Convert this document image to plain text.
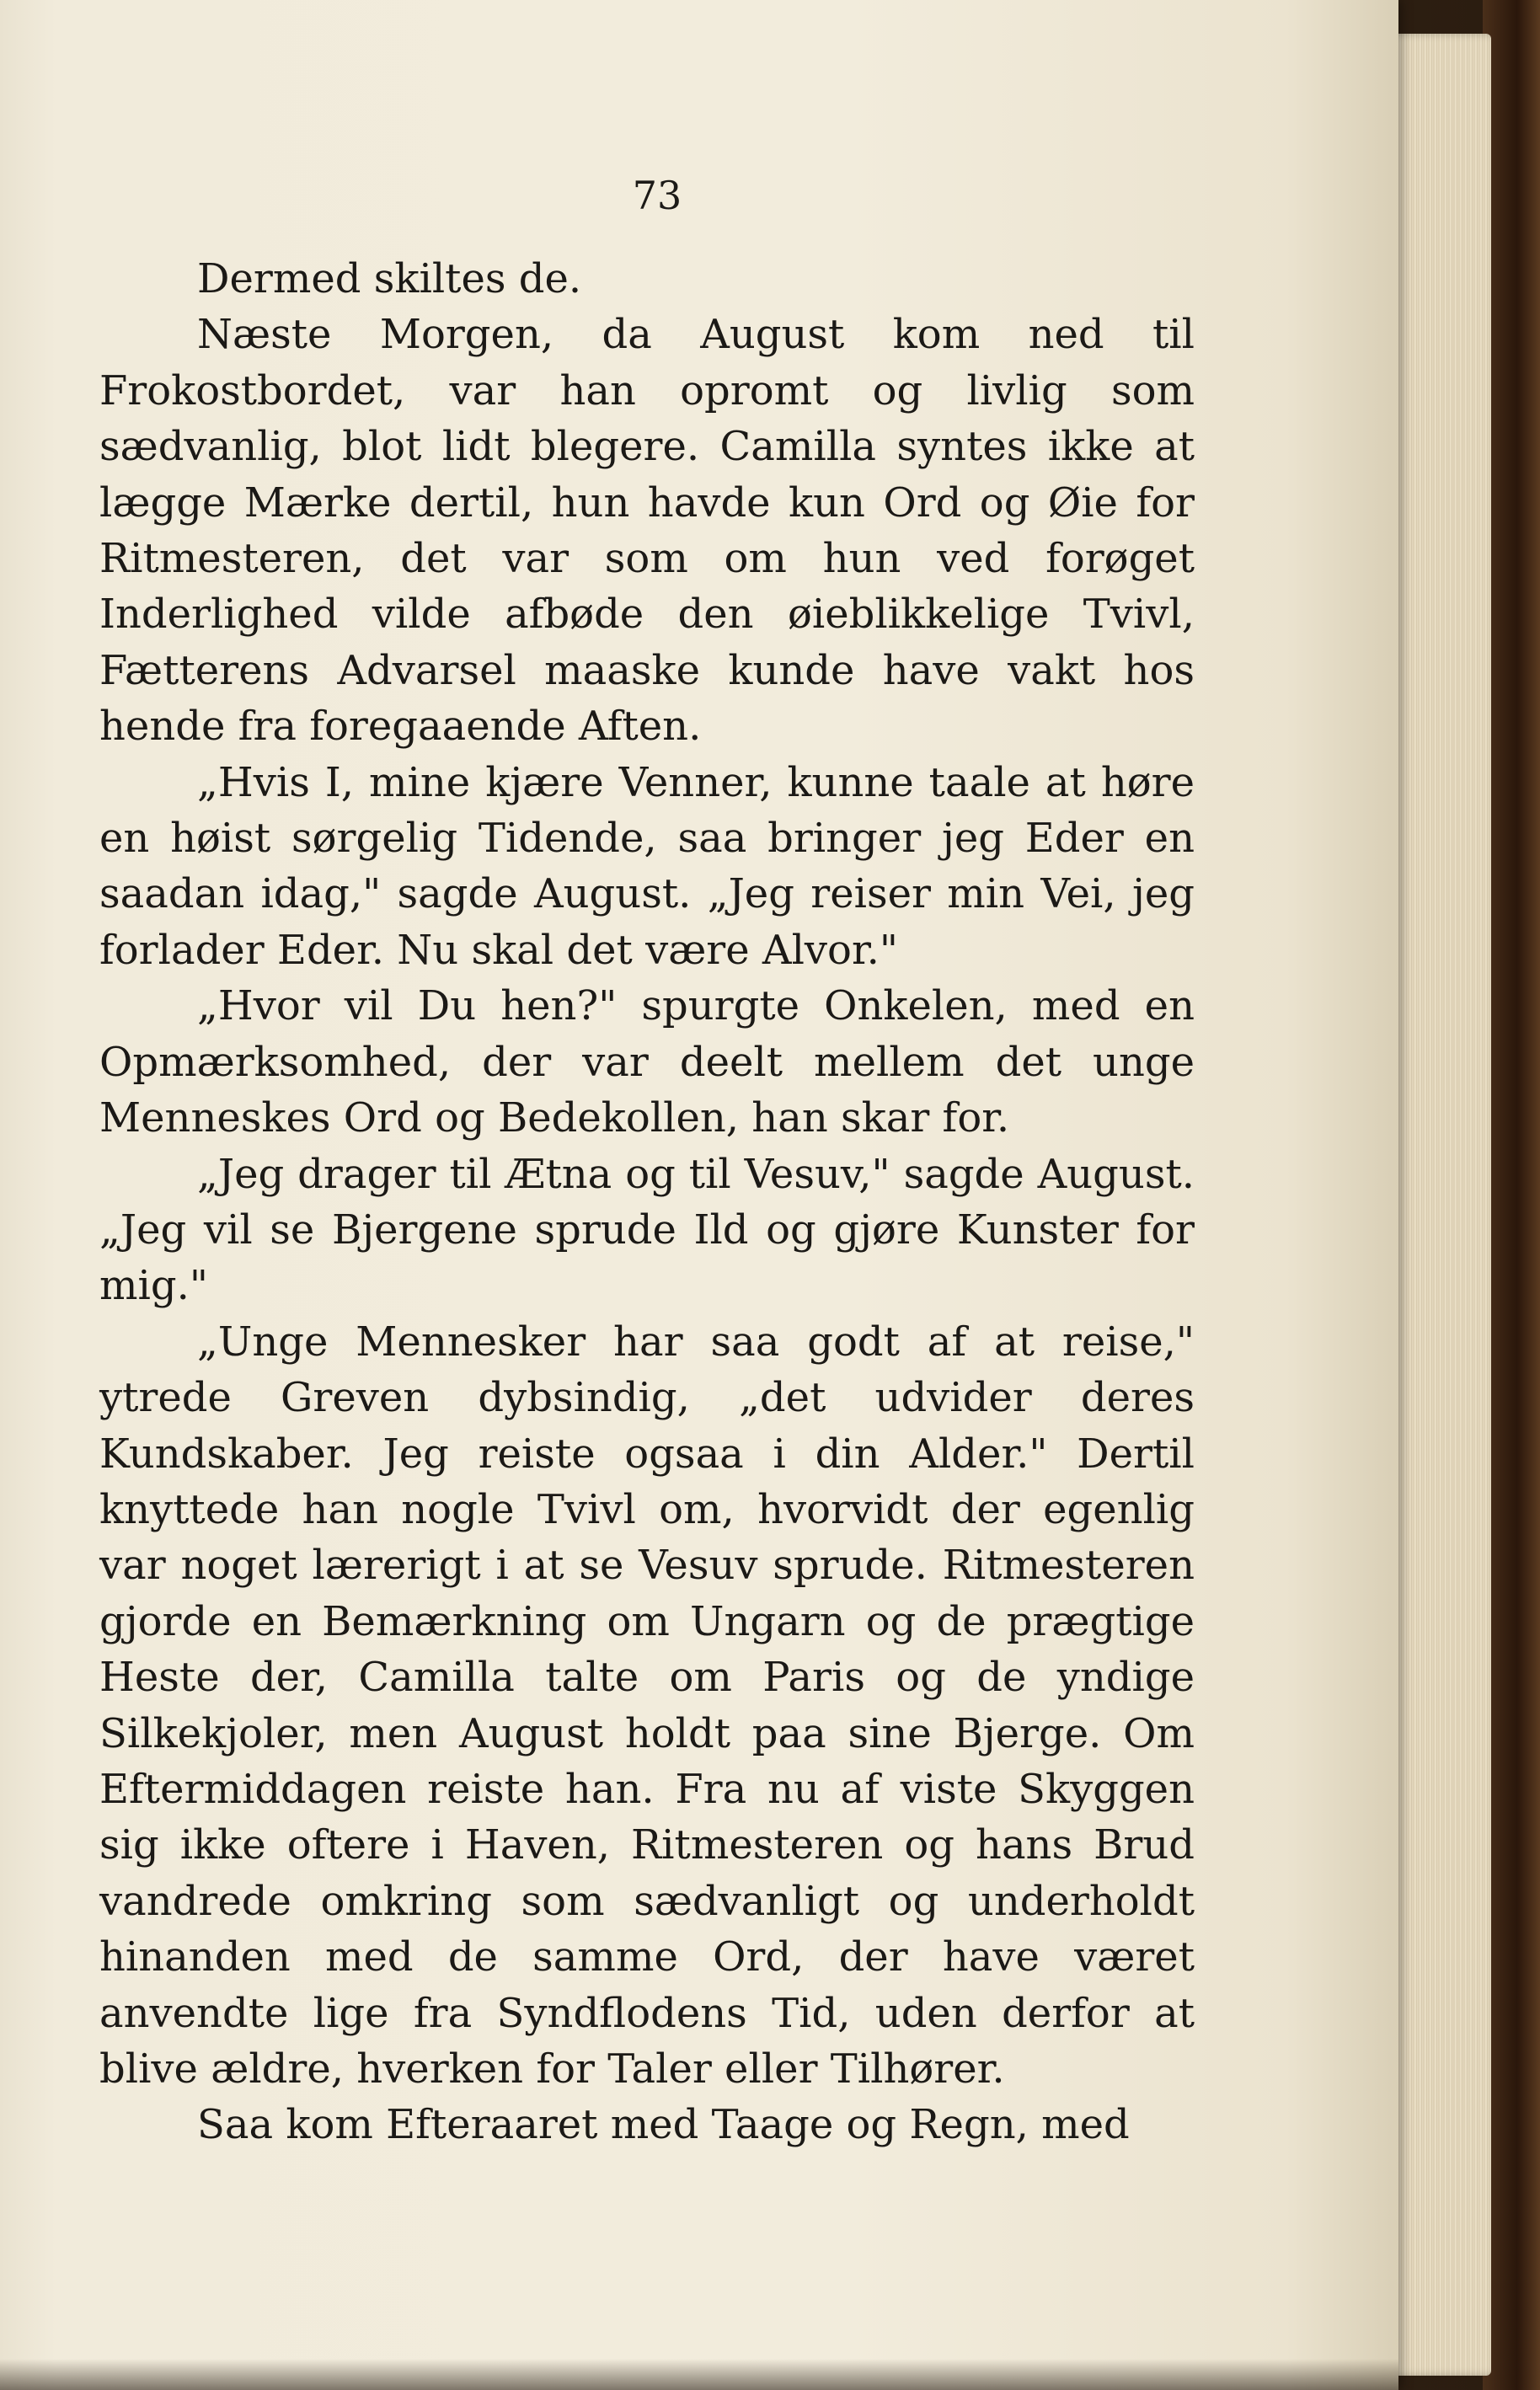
73

Dermed skiltes de.

Næste Morgen, da August kom ned til Frokostbordet, var han opromt og livlig som sædvanlig, blot lidt blegere. Camilla syntes ikke at lægge Mærke dertil, hun havde kun Ord og Øie for Ritmesteren, det var som om hun ved forøget Inderlighed vilde afbøde den øieblikkelige Tvivl, Fætterens Advarsel maaske kunde have vakt hos hende fra foregaaende Aften.

„Hvis I, mine kjære Venner, kunne taale at høre en høist sørgelig Tidende, saa bringer jeg Eder en saadan idag," sagde August. „Jeg reiser min Vei, jeg forlader Eder. Nu skal det være Alvor."

„Hvor vil Du hen?" spurgte Onkelen, med en Opmærksomhed, der var deelt mellem det unge Menneskes Ord og Bedekollen, han skar for.

„Jeg drager til Ætna og til Vesuv," sagde August. „Jeg vil se Bjergene sprude Ild og gjøre Kunster for mig."

„Unge Mennesker har saa godt af at reise," ytrede Greven dybsindig, „det udvider deres Kundskaber. Jeg reiste ogsaa i din Alder." Dertil knyttede han nogle Tvivl om, hvorvidt der egenlig var noget lærerigt i at se Vesuv sprude. Ritmesteren gjorde en Bemærkning om Ungarn og de prægtige Heste der, Camilla talte om Paris og de yndige Silkekjoler, men August holdt paa sine Bjerge. Om Eftermiddagen reiste han. Fra nu af viste Skyggen sig ikke oftere i Haven, Ritmesteren og hans Brud vandrede omkring som sædvanligt og underholdt hinanden med de samme Ord, der have været anvendte lige fra Syndflodens Tid, uden derfor at blive ældre, hverken for Taler eller Tilhører.

Saa kom Efteraaret med Taage og Regn, med
